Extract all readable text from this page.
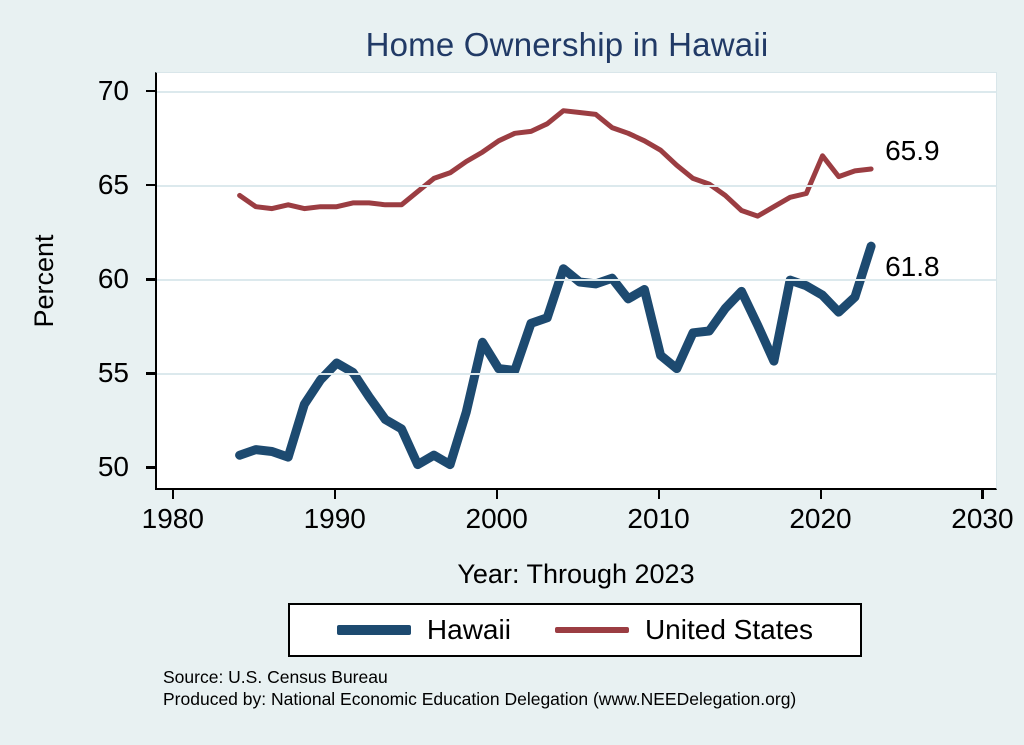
Home Ownership in Hawaii
Percent
Year: Through 2023
Hawaii	United States
Source: U.S. Census Bureau
Produced by: National Economic Education Delegation (www.NEEDelegation.org)
50
55
60
65
70
1980	1990	2000	2010	2020	2030
61.8
65.9
